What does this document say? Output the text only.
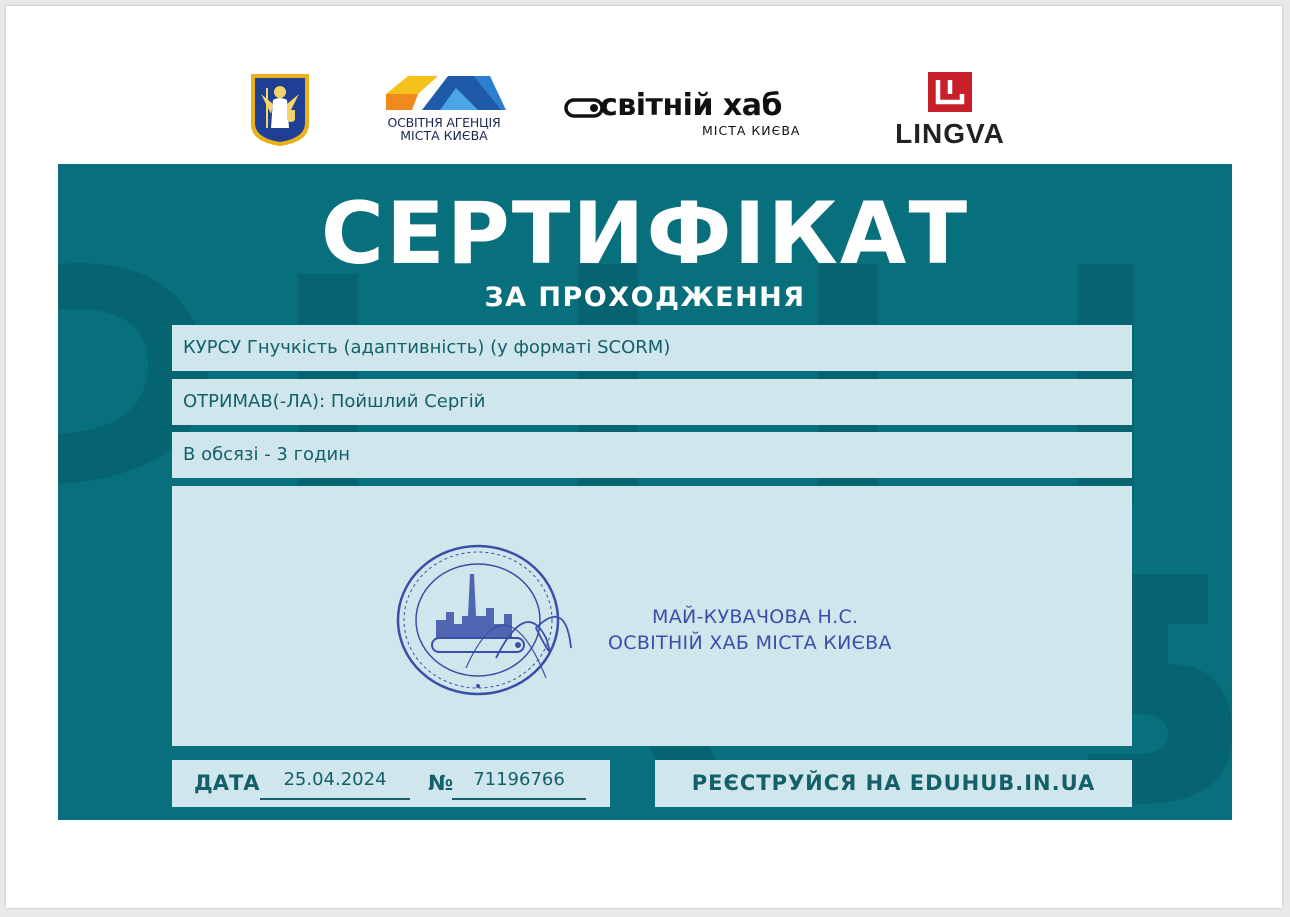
ОСВІТНЯ АГЕНЦІЯ
МІСТА КИЄВА
світній хаб
МІСТА КИЄВА	LINGVA
СЕРТИФІКАТ
ЗА ПРОХОДЖЕННЯ
КУРСУ Гнучкість (адаптивність) (у форматі SCORM)
ОТРИМАВ(-ЛА): Пойшлий Сергій
В обсязі - 3 годин
МАЙ-КУВАЧОВА Н.С.
ОСВІТНІЙ ХАБ МІСТА КИЄВА
ДАТА	25.04.2024	№	71196766	РЕЄСТРУЙСЯ НА EDUHUB.IN.UA
